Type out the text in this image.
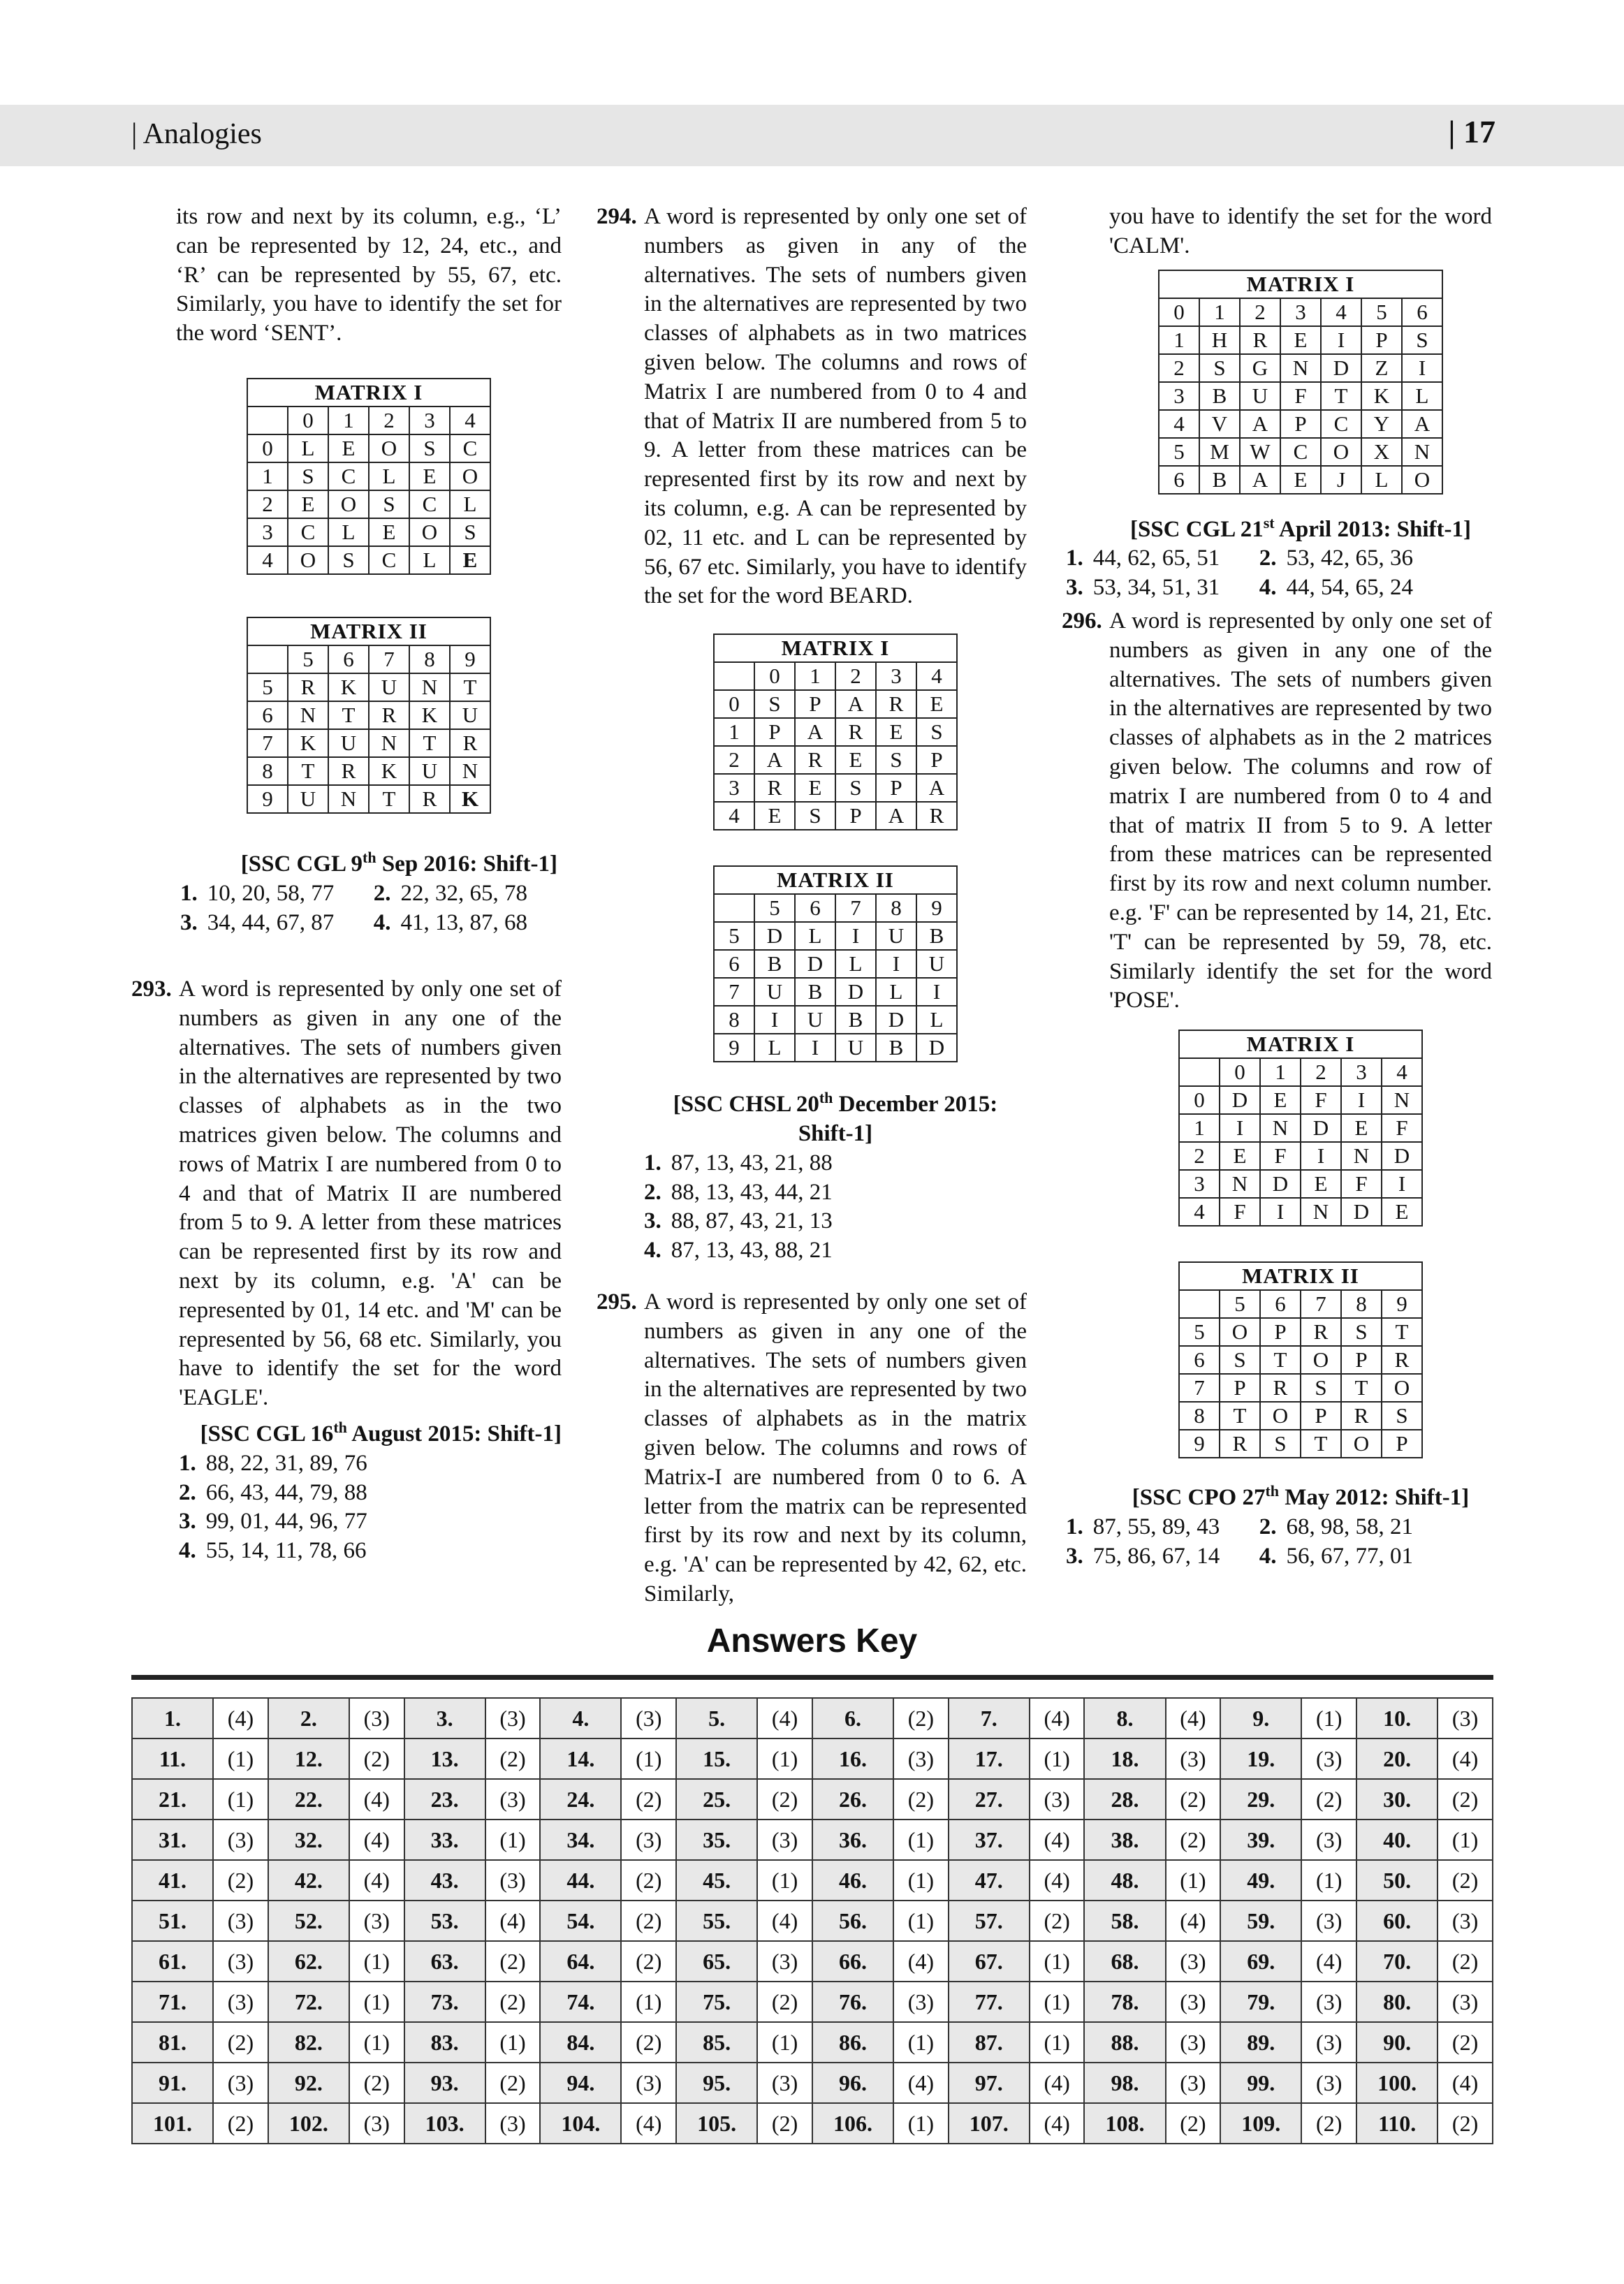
| Analogies	| 17

its row and next by its column, e.g., ‘L’ can be represented by 12, 24, etc., and ‘R’ can be represented by 55, 67, etc. Similarly, you have to identify the set for the word ‘SENT’.

MATRIX I					
	0	1	2	3	4
0	L	E	O	S	C
1	S	C	L	E	O
2	E	O	S	C	L
3	C	L	E	O	S
4	O	S	C	L	E
MATRIX II					
	5	6	7	8	9
5	R	K	U	N	T
6	N	T	R	K	U
7	K	U	N	T	R
8	T	R	K	U	N
9	U	N	T	R	K
[SSC CGL 9th Sep 2016: Shift-1]
1. 10, 20, 58, 77	2. 22, 32, 65, 78
3. 34, 44, 67, 87	4. 41, 13, 87, 68
293. A word is represented by only one set of numbers as given in any one of the alternatives. The sets of numbers given in the alternatives are represented by two classes of alphabets as in the two matrices given below. The columns and rows of Matrix I are numbered from 0 to 4 and that of Matrix II are numbered from 5 to 9. A letter from these matrices can be represented first by its row and next by its column, e.g. 'A' can be represented by 01, 14 etc. and 'M' can be represented by 56, 68 etc. Similarly, you have to identify the set for the word 'EAGLE'.

[SSC CGL 16th August 2015: Shift-1]
1. 88, 22, 31, 89, 76
2. 66, 43, 44, 79, 88
3. 99, 01, 44, 96, 77
4. 55, 14, 11, 78, 66
294. A word is represented by only one set of numbers as given in any of the alternatives. The sets of numbers given in the alternatives are represented by two classes of alphabets as in two matrices given below. The columns and rows of Matrix I are numbered from 0 to 4 and that of Matrix II are numbered from 5 to 9. A letter from these matrices can be represented first by its row and next by its column, e.g. A can be represented by 02, 11 etc. and L can be represented by 56, 67 etc. Similarly, you have to identify the set for the word BEARD.

MATRIX I					
	0	1	2	3	4
0	S	P	A	R	E
1	P	A	R	E	S
2	A	R	E	S	P
3	R	E	S	P	A
4	E	S	P	A	R
MATRIX II					
	5	6	7	8	9
5	D	L	I	U	B
6	B	D	L	I	U
7	U	B	D	L	I
8	I	U	B	D	L
9	L	I	U	B	D
[SSC CHSL 20th December 2015: Shift-1]
1. 87, 13, 43, 21, 88
2. 88, 13, 43, 44, 21
3. 88, 87, 43, 21, 13
4. 87, 13, 43, 88, 21
295. A word is represented by only one set of numbers as given in any one of the alternatives. The sets of numbers given in the alternatives are represented by two classes of alphabets as in the matrix given below. The columns and rows of Matrix-I are numbered from 0 to 6. A letter from the matrix can be represented first by its row and next by its column, e.g. 'A' can be represented by 42, 62, etc. Similarly,

you have to identify the set for the word 'CALM'.

MATRIX I						
0	1	2	3	4	5	6
1	H	R	E	I	P	S
2	S	G	N	D	Z	I
3	B	U	F	T	K	L
4	V	A	P	C	Y	A
5	M	W	C	O	X	N
6	B	A	E	J	L	O
[SSC CGL 21st April 2013: Shift-1]
1. 44, 62, 65, 51	2. 53, 42, 65, 36
3. 53, 34, 51, 31	4. 44, 54, 65, 24
296. A word is represented by only one set of numbers as given in any one of the alternatives. The sets of numbers given in the alternatives are represented by two classes of alphabets as in the 2 matrices given below. The columns and row of matrix I are numbered from 0 to 4 and that of matrix II from 5 to 9. A letter from these matrices can be represented first by its row and next column number. e.g. 'F' can be represented by 14, 21, Etc. 'T' can be represented by 59, 78, etc. Similarly identify the set for the word 'POSE'.

MATRIX I					
	0	1	2	3	4
0	D	E	F	I	N
1	I	N	D	E	F
2	E	F	I	N	D
3	N	D	E	F	I
4	F	I	N	D	E
MATRIX II					
	5	6	7	8	9
5	O	P	R	S	T
6	S	T	O	P	R
7	P	R	S	T	O
8	T	O	P	R	S
9	R	S	T	O	P
[SSC CPO 27th May 2012: Shift-1]
1. 87, 55, 89, 43	2. 68, 98, 58, 21
3. 75, 86, 67, 14	4. 56, 67, 77, 01
Answers Key
1.	(4)	2.	(3)	3.	(3)	4.	(3)	5.	(4)	6.	(2)	7.	(4)	8.	(4)	9.	(1)	10.	(3)
11.	(1)	12.	(2)	13.	(2)	14.	(1)	15.	(1)	16.	(3)	17.	(1)	18.	(3)	19.	(3)	20.	(4)
21.	(1)	22.	(4)	23.	(3)	24.	(2)	25.	(2)	26.	(2)	27.	(3)	28.	(2)	29.	(2)	30.	(2)
31.	(3)	32.	(4)	33.	(1)	34.	(3)	35.	(3)	36.	(1)	37.	(4)	38.	(2)	39.	(3)	40.	(1)
41.	(2)	42.	(4)	43.	(3)	44.	(2)	45.	(1)	46.	(1)	47.	(4)	48.	(1)	49.	(1)	50.	(2)
51.	(3)	52.	(3)	53.	(4)	54.	(2)	55.	(4)	56.	(1)	57.	(2)	58.	(4)	59.	(3)	60.	(3)
61.	(3)	62.	(1)	63.	(2)	64.	(2)	65.	(3)	66.	(4)	67.	(1)	68.	(3)	69.	(4)	70.	(2)
71.	(3)	72.	(1)	73.	(2)	74.	(1)	75.	(2)	76.	(3)	77.	(1)	78.	(3)	79.	(3)	80.	(3)
81.	(2)	82.	(1)	83.	(1)	84.	(2)	85.	(1)	86.	(1)	87.	(1)	88.	(3)	89.	(3)	90.	(2)
91.	(3)	92.	(2)	93.	(2)	94.	(3)	95.	(3)	96.	(4)	97.	(4)	98.	(3)	99.	(3)	100.	(4)
101.	(2)	102.	(3)	103.	(3)	104.	(4)	105.	(2)	106.	(1)	107.	(4)	108.	(2)	109.	(2)	110.	(2)
